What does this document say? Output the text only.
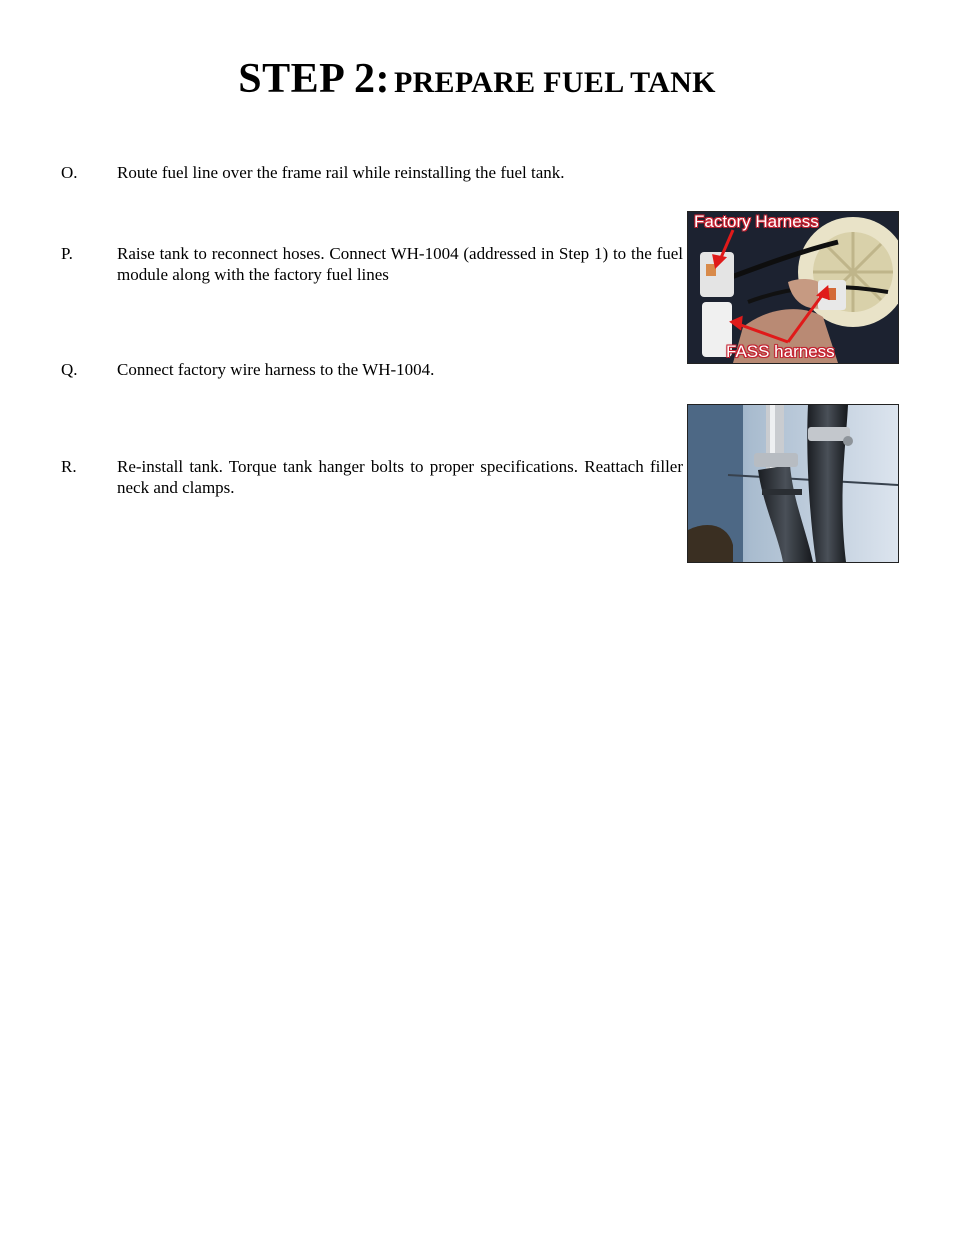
STEP 2: PREPARE FUEL TANK
O. Route fuel line over the frame rail while reinstalling the fuel tank.
P.	Raise tank to reconnect hoses. Connect WH-1004 (addressed in Step 1) to the fuel module along with the factory fuel lines
Q. Connect factory wire harness to the WH-1004.
R. Re-install tank. Torque tank hanger bolts to proper specifications. Reattach filler neck and clamps.
Factory Harness
FASS harness
